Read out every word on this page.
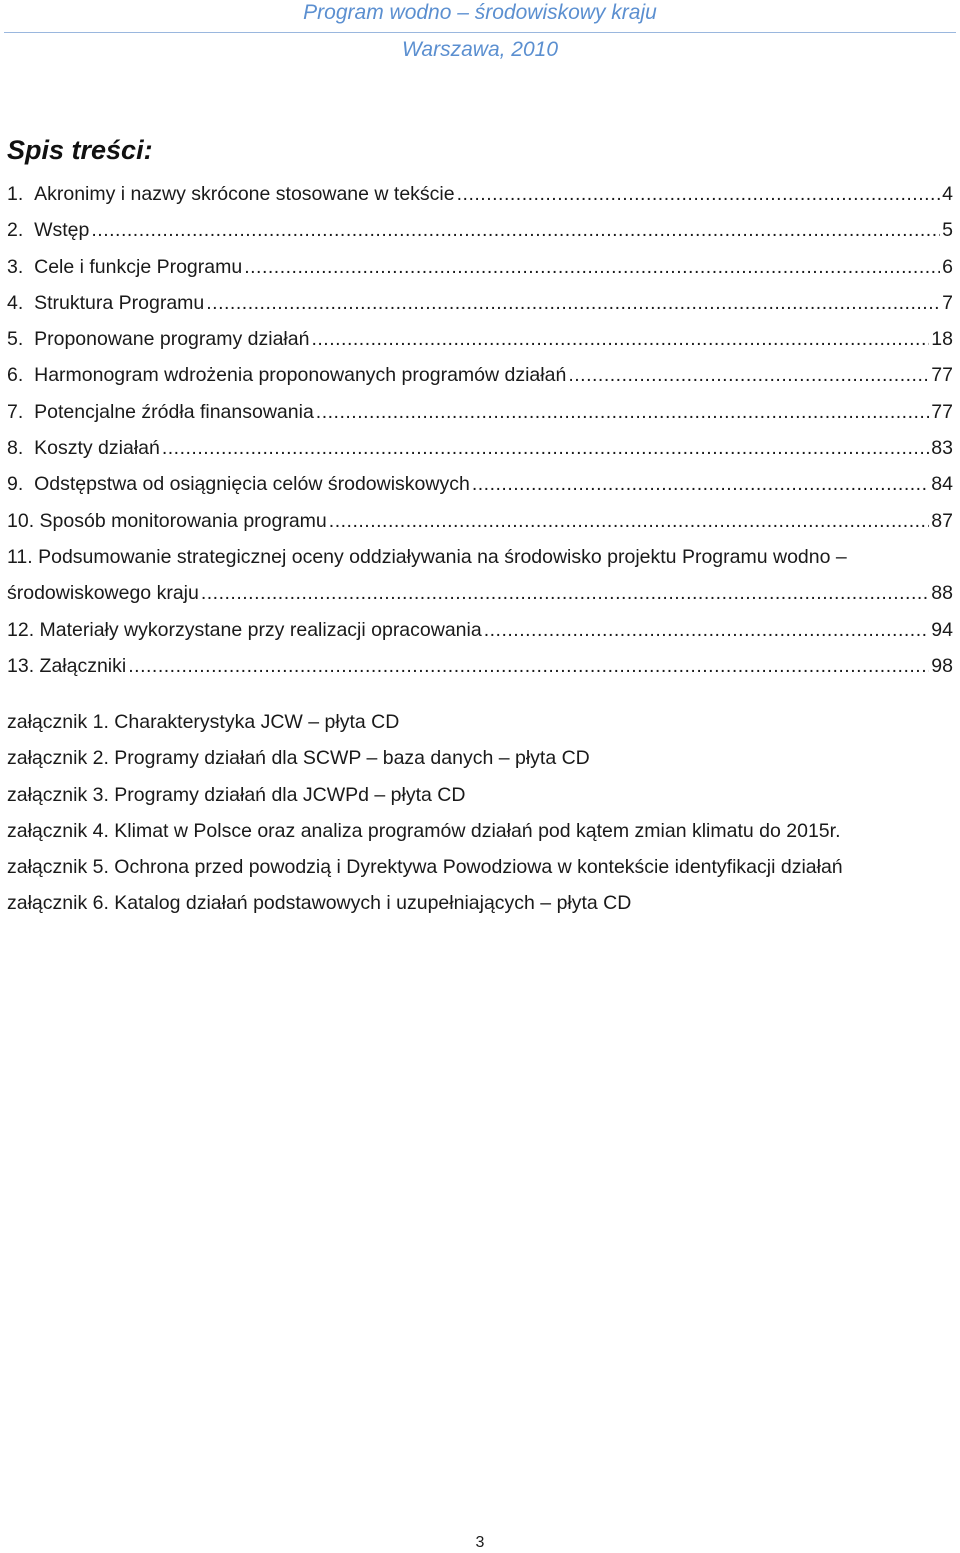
Program wodno – środowiskowy kraju
Warszawa, 2010
Spis treści:
1. Akronimy i nazwy skrócone stosowane w tekście .....	4
2. Wstęp .....	5
3. Cele i funkcje Programu .....	6
4. Struktura Programu .....	7
5. Proponowane programy działań .....	18
6. Harmonogram wdrożenia proponowanych programów działań .....	77
7. Potencjalne źródła finansowania .....	77
8. Koszty działań .....	83
9. Odstępstwa od osiągnięcia celów środowiskowych .....	84
10. Sposób monitorowania programu .....	87
11. Podsumowanie strategicznej oceny oddziaływania na środowisko projektu Programu wodno –
środowiskowego kraju .....	88
12. Materiały wykorzystane przy realizacji opracowania .....	94
13. Załączniki .....	98
załącznik 1. Charakterystyka JCW – płyta CD
załącznik 2. Programy działań dla SCWP – baza danych – płyta CD
załącznik 3. Programy działań dla JCWPd – płyta CD
załącznik 4. Klimat w Polsce oraz analiza programów działań pod kątem zmian klimatu do 2015r.
załącznik 5. Ochrona przed powodzią i Dyrektywa Powodziowa w kontekście identyfikacji działań
załącznik 6. Katalog działań podstawowych i uzupełniających – płyta CD
3
